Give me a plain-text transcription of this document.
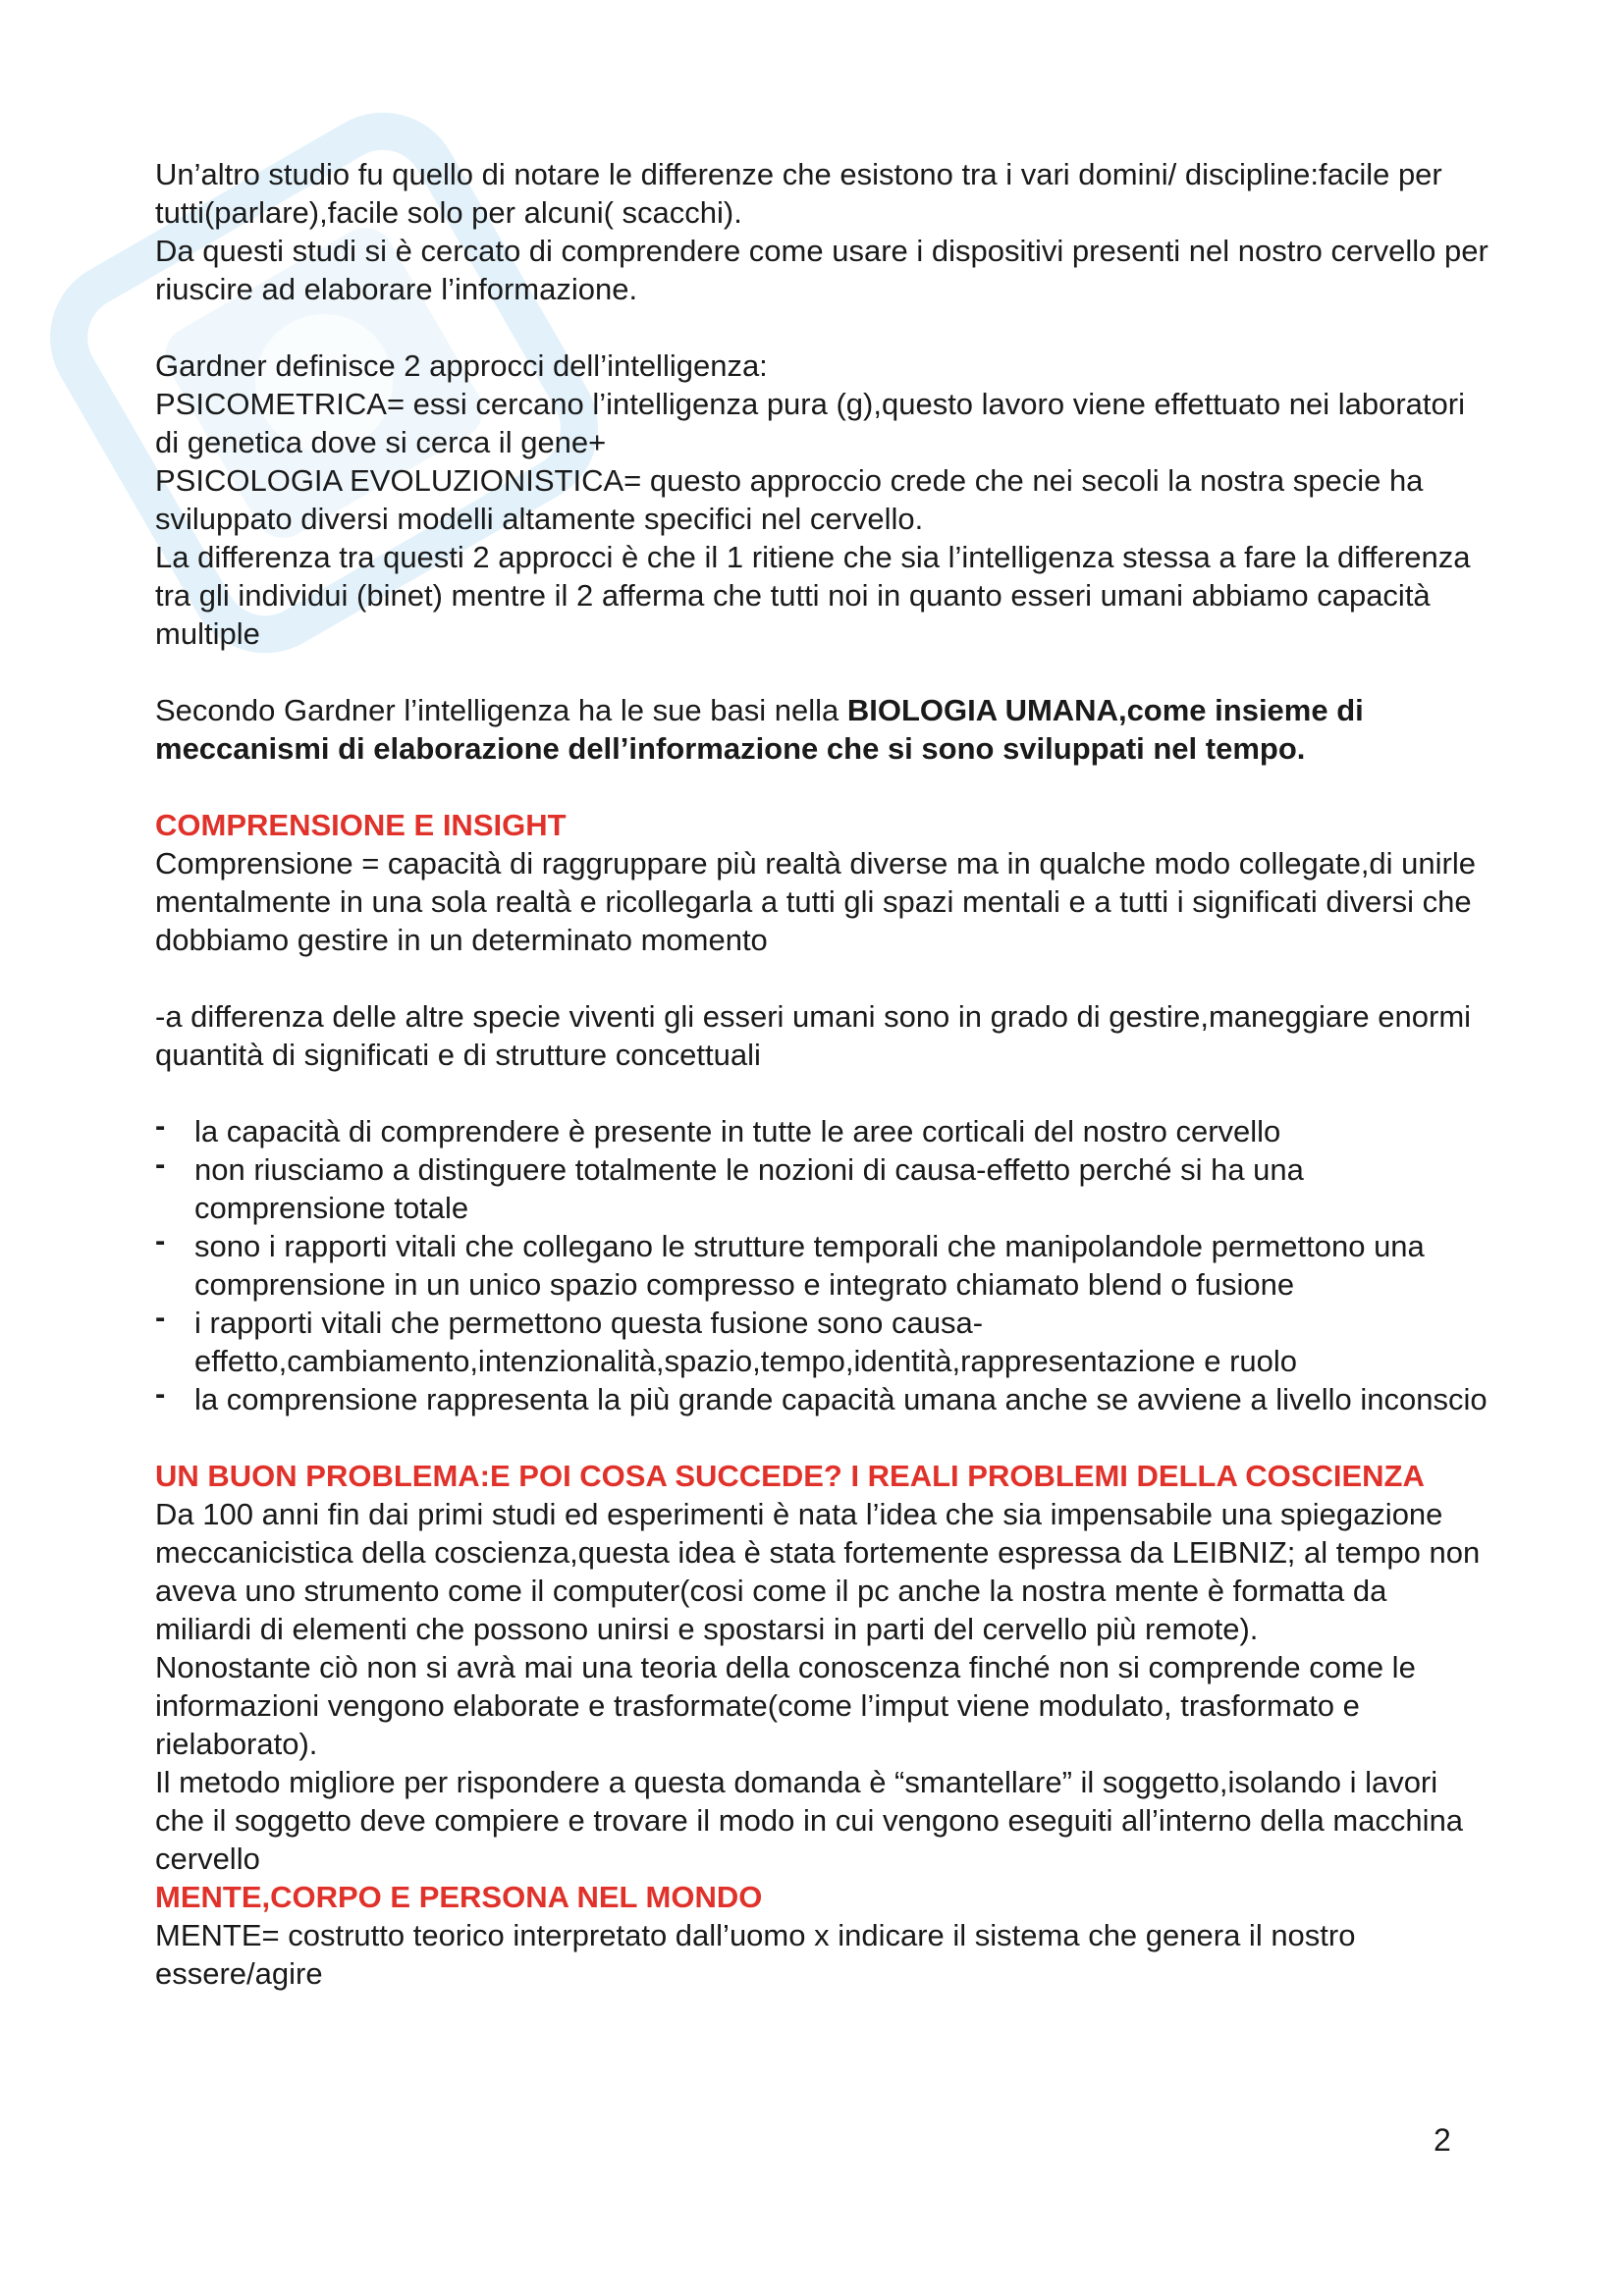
Un’altro studio fu quello di notare le differenze che esistono tra i vari domini/ discipline:facile per tutti(parlare),facile solo per alcuni( scacchi).

Da questi studi si è cercato di comprendere come usare i dispositivi presenti nel nostro cervello per riuscire ad elaborare l’informazione.

Gardner definisce 2 approcci dell’intelligenza:

PSICOMETRICA= essi cercano l’intelligenza pura (g),questo lavoro viene effettuato nei laboratori di genetica dove si cerca il gene+

PSICOLOGIA EVOLUZIONISTICA= questo approccio crede che nei secoli la nostra specie ha sviluppato diversi modelli altamente specifici nel cervello.

La differenza tra questi 2 approcci è che il 1 ritiene che sia l’intelligenza stessa a fare la differenza tra gli individui (binet) mentre il 2 afferma che tutti noi in quanto esseri umani abbiamo capacità multiple

Secondo Gardner l’intelligenza ha le sue basi nella BIOLOGIA UMANA,come insieme di meccanismi di elaborazione dell’informazione che si sono sviluppati nel tempo.

COMPRENSIONE E INSIGHT

Comprensione = capacità di raggruppare più realtà diverse ma in qualche modo collegate,di unirle mentalmente in una sola realtà e ricollegarla a tutti gli spazi mentali e a tutti i significati diversi che dobbiamo gestire in un determinato momento

-a differenza delle altre specie viventi gli esseri umani sono in grado di gestire,maneggiare enormi quantità di significati e di strutture concettuali

- la capacità di comprendere è presente in tutte le aree corticali del nostro cervello
- non riusciamo a distinguere totalmente le nozioni di causa-effetto perché si ha una comprensione totale
- sono i rapporti vitali che collegano le strutture temporali che manipolandole permettono una comprensione in un unico spazio compresso e integrato chiamato blend o fusione
- i rapporti vitali che permettono questa fusione sono causa-effetto,cambiamento,intenzionalità,spazio,tempo,identità,rappresentazione e ruolo
- la comprensione rappresenta la più grande capacità umana anche se avviene a livello inconscio

UN BUON PROBLEMA:E POI COSA SUCCEDE? I REALI PROBLEMI DELLA COSCIENZA

Da 100 anni fin dai primi studi ed esperimenti è nata l’idea che sia impensabile una spiegazione meccanicistica della coscienza,questa idea è stata fortemente espressa da LEIBNIZ; al tempo non aveva uno strumento come il computer(cosi come il pc anche la nostra mente è formatta da miliardi di elementi che possono unirsi e spostarsi in parti del cervello più remote).

Nonostante ciò non si avrà mai una teoria della conoscenza finché non si comprende come le informazioni vengono elaborate e trasformate(come l’imput viene modulato, trasformato e rielaborato).

Il metodo migliore per rispondere a questa domanda è “smantellare” il soggetto,isolando i lavori che il soggetto deve compiere e trovare il modo in cui vengono eseguiti all’interno della macchina cervello

MENTE,CORPO E PERSONA NEL MONDO

MENTE= costrutto teorico interpretato dall’uomo x indicare il sistema che genera il nostro essere/agire

2
